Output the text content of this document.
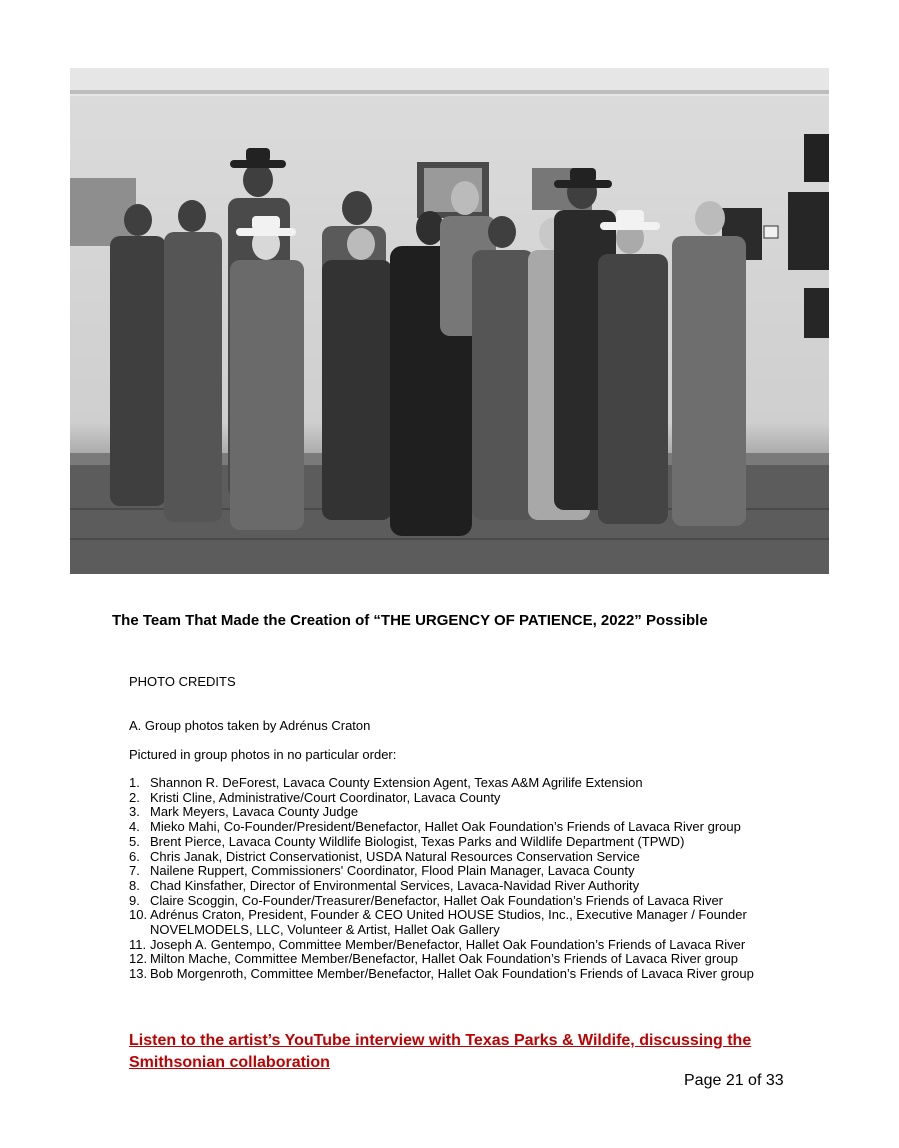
The Team That Made the Creation of “THE URGENCY OF PATIENCE, 2022” Possible
PHOTO CREDITS
A. Group photos taken by Adrénus Craton
Pictured in group photos in no particular order:
1. Shannon R. DeForest, Lavaca County Extension Agent, Texas A&M Agrilife Extension
2. Kristi Cline, Administrative/Court Coordinator, Lavaca County
3. Mark Meyers, Lavaca County Judge
4. Mieko Mahi, Co-Founder/President/Benefactor, Hallet Oak Foundation’s Friends of Lavaca River group
5. Brent Pierce, Lavaca County Wildlife Biologist, Texas Parks and Wildlife Department (TPWD)
6. Chris Janak, District Conservationist, USDA Natural Resources Conservation Service
7. Nailene Ruppert, Commissioners' Coordinator, Flood Plain Manager, Lavaca County
8. Chad Kinsfather, Director of Environmental Services, Lavaca-Navidad River Authority
9. Claire Scoggin, Co-Founder/Treasurer/Benefactor, Hallet Oak Foundation’s Friends of Lavaca River
10. Adrénus Craton, President, Founder & CEO United HOUSE Studios, Inc., Executive Manager / Founder NOVELMODELS, LLC, Volunteer & Artist, Hallet Oak Gallery
11. Joseph A. Gentempo, Committee Member/Benefactor, Hallet Oak Foundation’s Friends of Lavaca River
12. Milton Mache, Committee Member/Benefactor, Hallet Oak Foundation’s Friends of Lavaca River group
13. Bob Morgenroth, Committee Member/Benefactor, Hallet Oak Foundation’s Friends of Lavaca River group
Listen to the artist’s YouTube interview with Texas Parks & Wildife, discussing the Smithsonian collaboration
Page 21 of 33
